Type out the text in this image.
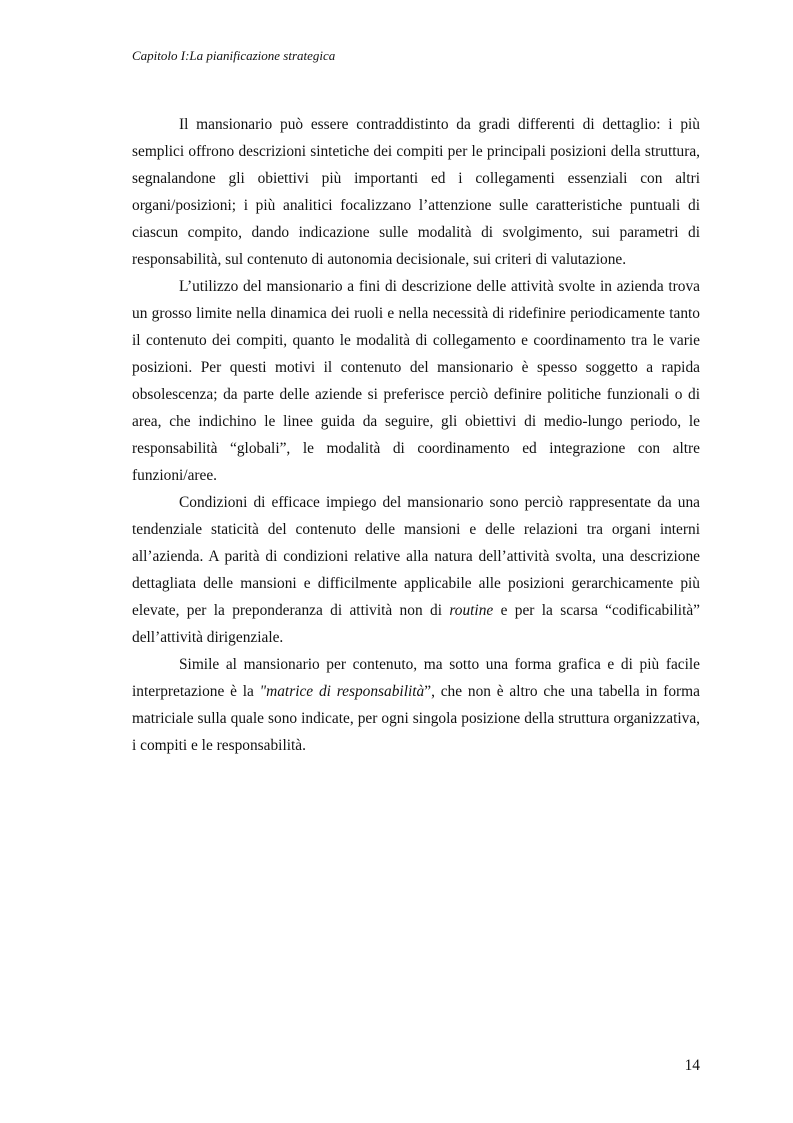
Capitolo I:La pianificazione strategica

Il mansionario può essere contraddistinto da gradi differenti di dettaglio: i più semplici offrono descrizioni sintetiche dei compiti per le principali posizioni della struttura, segnalandone gli obiettivi più importanti ed i collegamenti essenziali con altri organi/posizioni; i più analitici focalizzano l’attenzione sulle caratteristiche puntuali di ciascun compito, dando indicazione sulle modalità di svolgimento, sui parametri di responsabilità, sul contenuto di autonomia decisionale, sui criteri di valutazione.

L’utilizzo del mansionario a fini di descrizione delle attività svolte in azienda trova un grosso limite nella dinamica dei ruoli e nella necessità di ridefinire periodicamente tanto il contenuto dei compiti, quanto le modalità di collegamento e coordinamento tra le varie posizioni. Per questi motivi il contenuto del mansionario è spesso soggetto a rapida obsolescenza; da parte delle aziende si preferisce perciò definire politiche funzionali o di area, che indichino le linee guida da seguire, gli obiettivi di medio-lungo periodo, le responsabilità “globali”, le modalità di coordinamento ed integrazione con altre funzioni/aree.

Condizioni di efficace impiego del mansionario sono perciò rappresentate da una tendenziale staticità del contenuto delle mansioni e delle relazioni tra organi interni all’azienda. A parità di condizioni relative alla natura dell’attività svolta, una descrizione dettagliata delle mansioni e difficilmente applicabile alle posizioni gerarchicamente più elevate, per la preponderanza di attività non di routine e per la scarsa “codificabilità” dell’attività dirigenziale.

Simile al mansionario per contenuto, ma sotto una forma grafica e di più facile interpretazione è la "matrice di responsabilità”, che non è altro che una tabella in forma matriciale sulla quale sono indicate, per ogni singola posizione della struttura organizzativa, i compiti e le responsabilità.

14
